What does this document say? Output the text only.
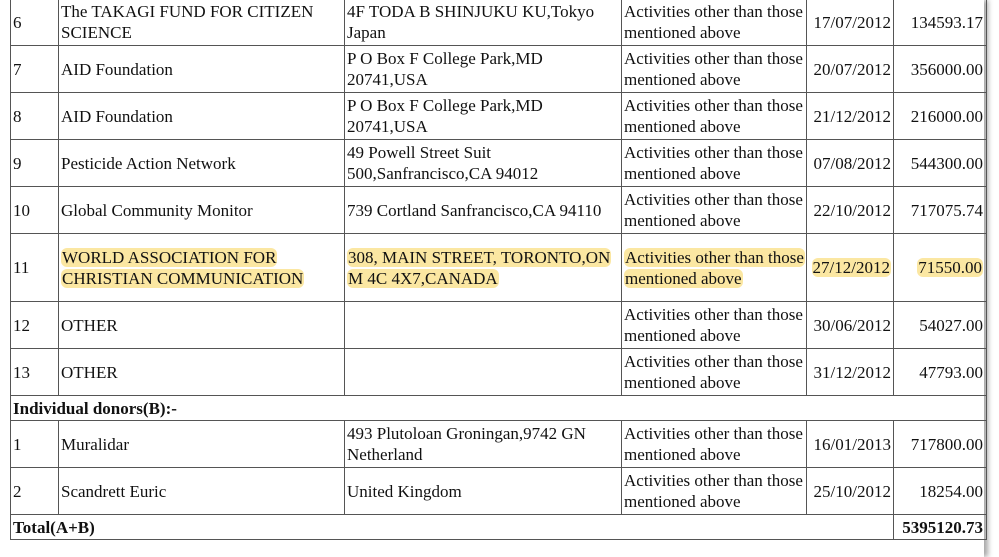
6	The TAKAGI FUND FOR CITIZEN SCIENCE	4F TODA B SHINJUKU KU,Tokyo Japan	Activities other than those mentioned above	17/07/2012	134593.17
7	AID Foundation	P O Box F College Park,MD 20741,USA	Activities other than those mentioned above	20/07/2012	356000.00
8	AID Foundation	P O Box F College Park,MD 20741,USA	Activities other than those mentioned above	21/12/2012	216000.00
9	Pesticide Action Network	49 Powell Street Suit 500,Sanfrancisco,CA 94012	Activities other than those mentioned above	07/08/2012	544300.00
10	Global Community Monitor	739 Cortland Sanfrancisco,CA 94110	Activities other than those mentioned above	22/10/2012	717075.74
11	WORLD ASSOCIATION FOR CHRISTIAN COMMUNICATION	308, MAIN STREET, TORONTO,ON M 4C 4X7,CANADA	Activities other than those mentioned above	27/12/2012	71550.00
12	OTHER		Activities other than those mentioned above	30/06/2012	54027.00
13	OTHER		Activities other than those mentioned above	31/12/2012	47793.00
Individual donors(B):-					
1	Muralidar	493 Plutoloan Groningan,9742 GN Netherland	Activities other than those mentioned above	16/01/2013	717800.00
2	Scandrett Euric	United Kingdom	Activities other than those mentioned above	25/10/2012	18254.00
Total(A+B)					5395120.73
